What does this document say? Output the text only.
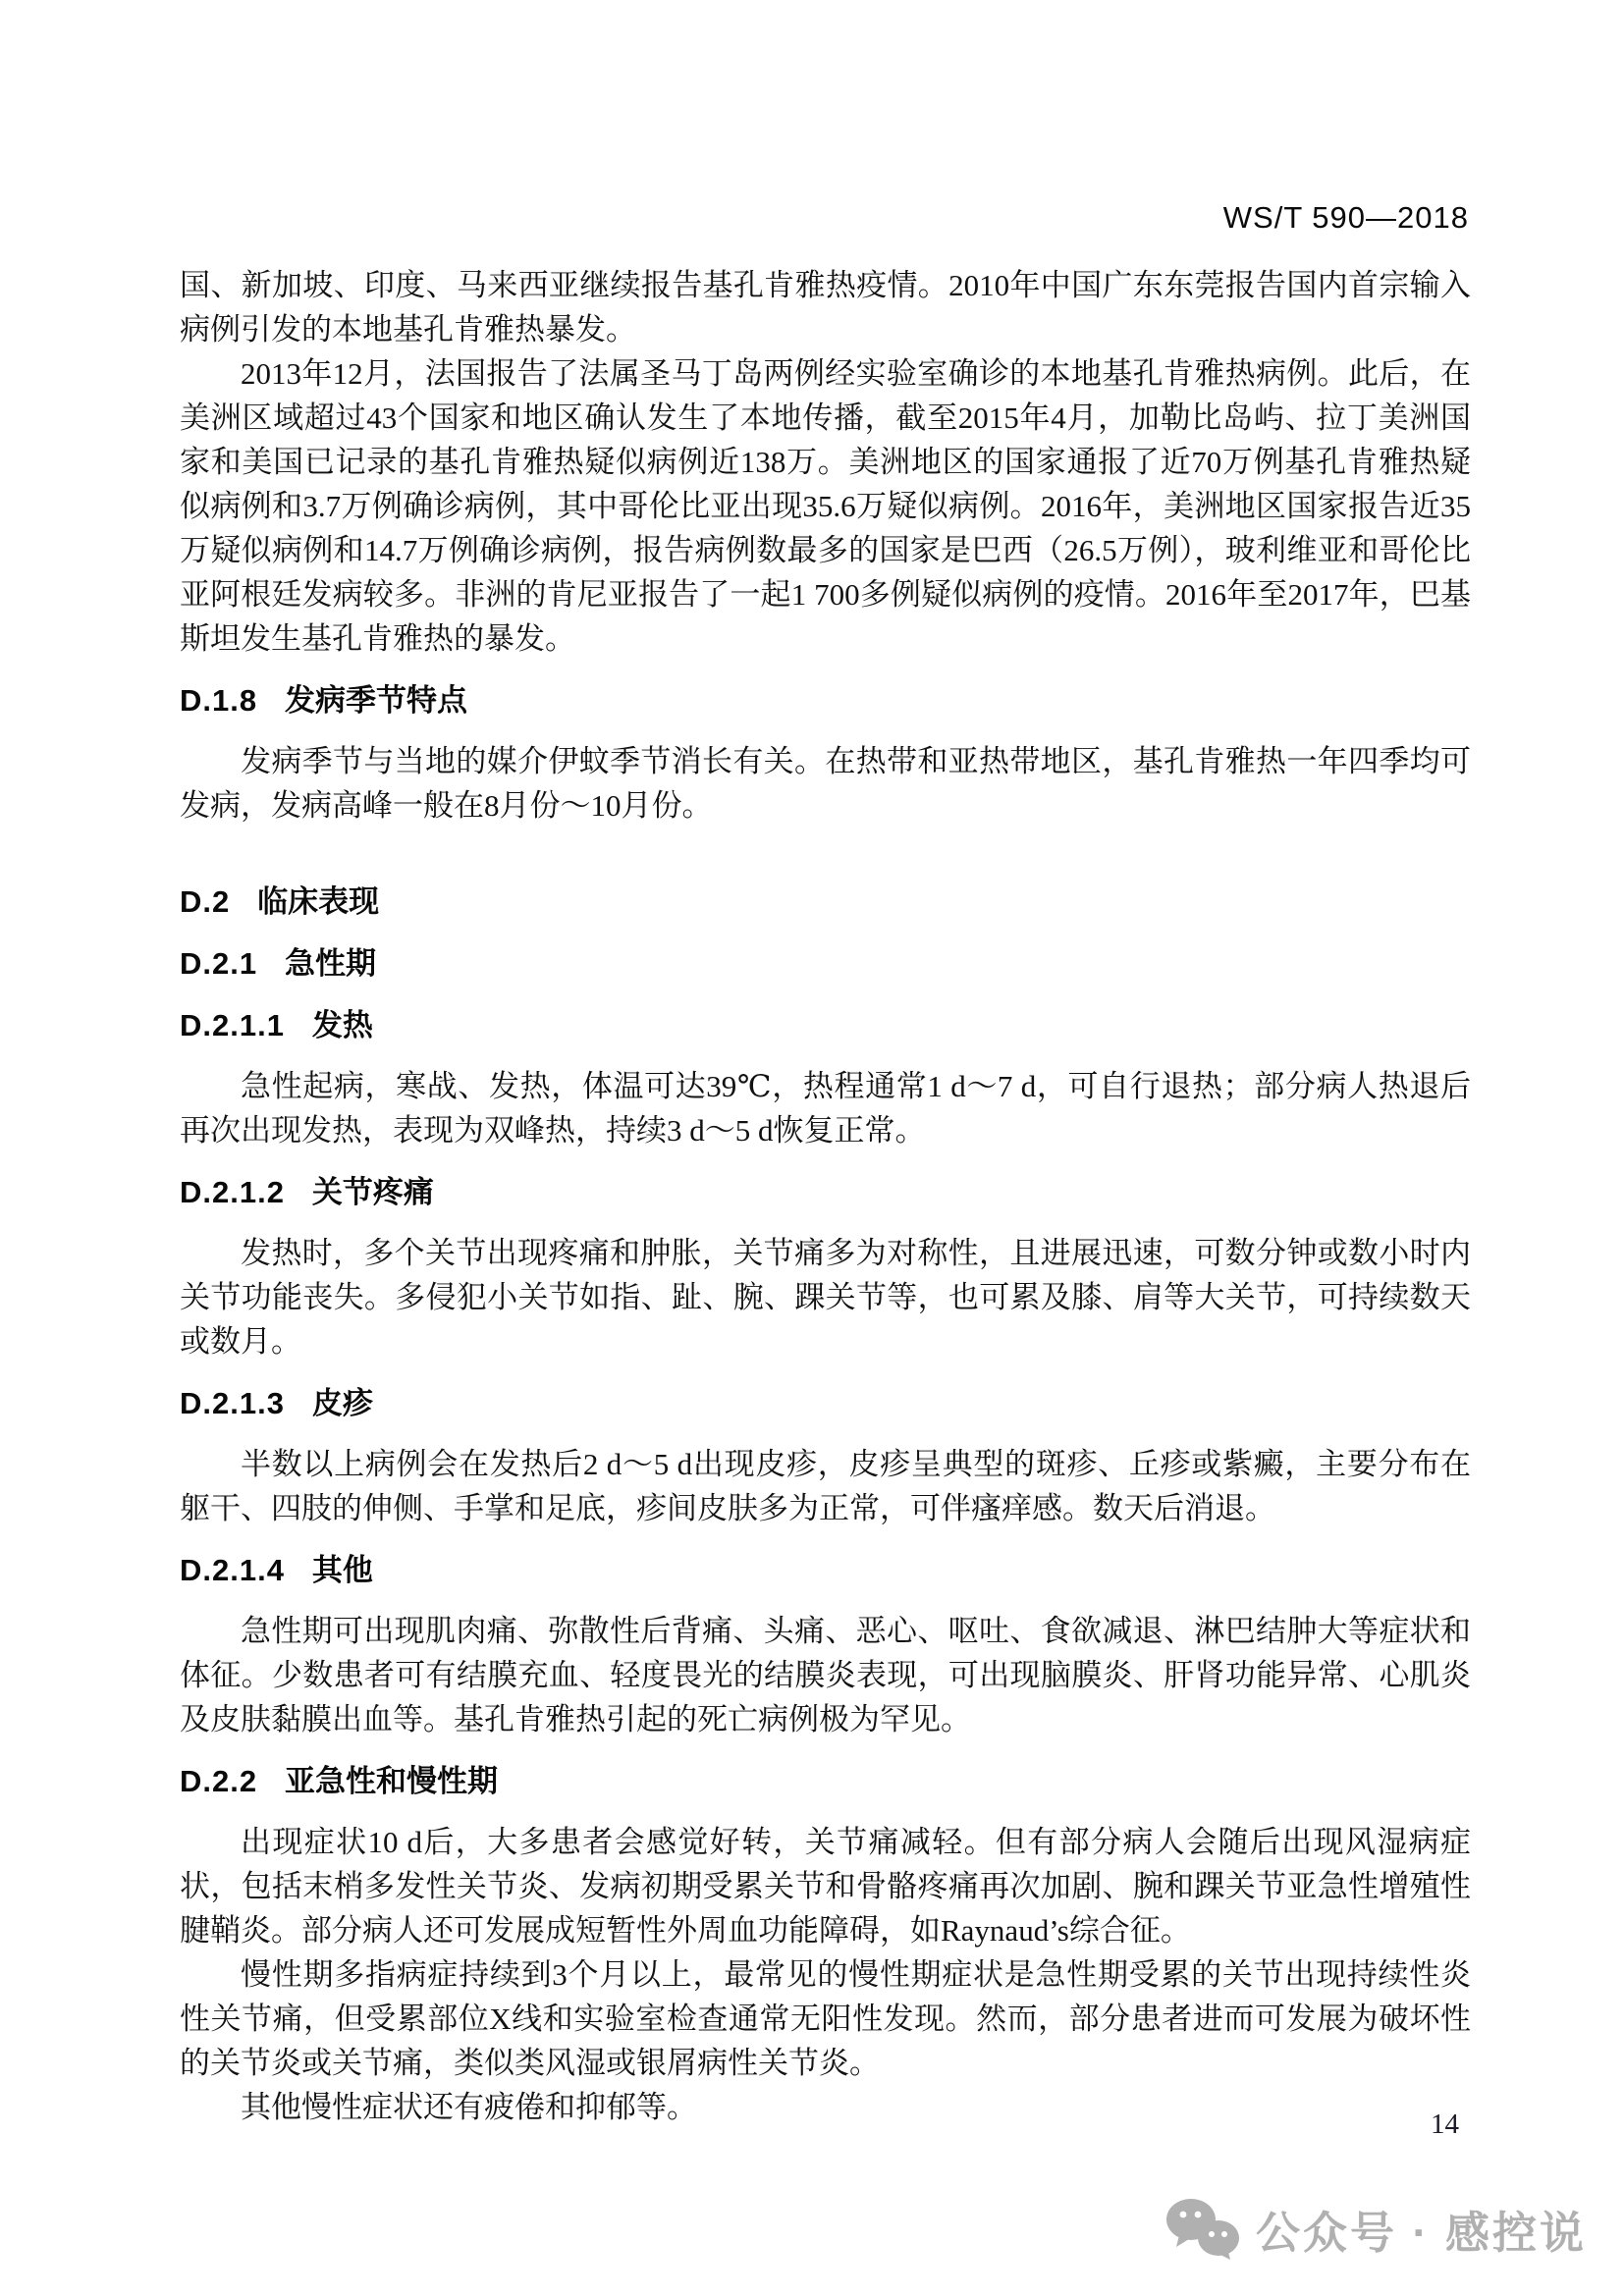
WS/T 590—2018

国、新加坡、印度、马来西亚继续报告基孔肯雅热疫情。2010年中国广东东莞报告国内首宗输入病例引发的本地基孔肯雅热暴发。

2013年12月，法国报告了法属圣马丁岛两例经实验室确诊的本地基孔肯雅热病例。此后，在美洲区域超过43个国家和地区确认发生了本地传播，截至2015年4月，加勒比岛屿、拉丁美洲国家和美国已记录的基孔肯雅热疑似病例近138万。美洲地区的国家通报了近70万例基孔肯雅热疑似病例和3.7万例确诊病例，其中哥伦比亚出现35.6万疑似病例。2016年，美洲地区国家报告近35万疑似病例和14.7万例确诊病例，报告病例数最多的国家是巴西（26.5万例），玻利维亚和哥伦比亚阿根廷发病较多。非洲的肯尼亚报告了一起1 700多例疑似病例的疫情。2016年至2017年，巴基斯坦发生基孔肯雅热的暴发。

D.1.8 发病季节特点

发病季节与当地的媒介伊蚊季节消长有关。在热带和亚热带地区，基孔肯雅热一年四季均可发病，发病高峰一般在8月份～10月份。

D.2 临床表现
D.2.1 急性期
D.2.1.1 发热

急性起病，寒战、发热，体温可达39℃，热程通常1 d～7 d，可自行退热；部分病人热退后再次出现发热，表现为双峰热，持续3 d～5 d恢复正常。

D.2.1.2 关节疼痛

发热时，多个关节出现疼痛和肿胀，关节痛多为对称性，且进展迅速，可数分钟或数小时内关节功能丧失。多侵犯小关节如指、趾、腕、踝关节等，也可累及膝、肩等大关节，可持续数天或数月。

D.2.1.3 皮疹

半数以上病例会在发热后2 d～5 d出现皮疹，皮疹呈典型的斑疹、丘疹或紫癜，主要分布在躯干、四肢的伸侧、手掌和足底，疹间皮肤多为正常，可伴瘙痒感。数天后消退。

D.2.1.4 其他

急性期可出现肌肉痛、弥散性后背痛、头痛、恶心、呕吐、食欲减退、淋巴结肿大等症状和体征。少数患者可有结膜充血、轻度畏光的结膜炎表现，可出现脑膜炎、肝肾功能异常、心肌炎及皮肤黏膜出血等。基孔肯雅热引起的死亡病例极为罕见。

D.2.2 亚急性和慢性期

出现症状10 d后，大多患者会感觉好转，关节痛减轻。但有部分病人会随后出现风湿病症状，包括末梢多发性关节炎、发病初期受累关节和骨骼疼痛再次加剧、腕和踝关节亚急性增殖性腱鞘炎。部分病人还可发展成短暂性外周血功能障碍，如Raynaud’s综合征。

慢性期多指病症持续到3个月以上，最常见的慢性期症状是急性期受累的关节出现持续性炎性关节痛，但受累部位X线和实验室检查通常无阳性发现。然而，部分患者进而可发展为破坏性的关节炎或关节痛，类似类风湿或银屑病性关节炎。

其他慢性症状还有疲倦和抑郁等。	14
公众号 · 感控说
